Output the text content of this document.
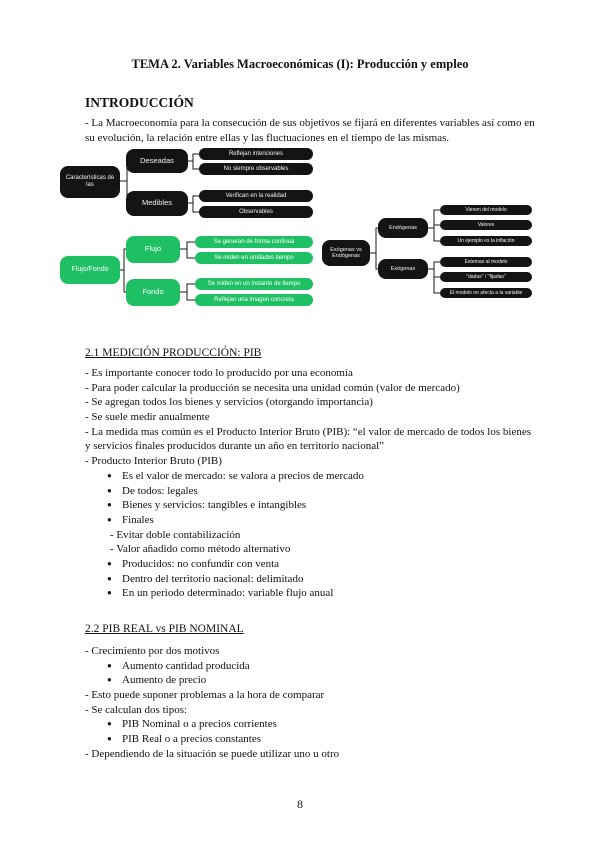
TEMA 2. Variables Macroeconómicas (I): Producción y empleo
INTRODUCCIÓN
- La Macroeconomía para la consecución de sus objetivos se fijará en diferentes variables así como en
su evolución, la relación entre ellas y las fluctuaciones en el tiempo de las mismas.
Características de
las
Deseadas
Reflejan intenciones
No siempre observables
Medibles
Verifican en la realidad
Observables
Flujo/Fondo
Flujo
Se generan de forma continua
Se miden en unidades tiempo
Fondo
Se miden en un instante de tiempo
Reflejan una imagen concreta
Exógenas vs
Endógenas
Endógenas
Vienen del modelo
Valores
Un ejemplo es la inflación
Exógenas
Externas al modelo
"dadas" / "fijadas"
El modelo no afecta a la variable
2.1 MEDICIÓN PRODUCCIÓN: PIB
- Es importante conocer todo lo producido por una economía
- Para poder calcular la producción se necesita una unidad común (valor de mercado)
- Se agregan todos los bienes y servicios (otorgando importancia)
- Se suele medir anualmente
- La medida mas común es el Producto Interior Bruto (PIB): “el valor de mercado de todos los bienes
y servicios finales producidos durante un año en territorio nacional”
- Producto Interior Bruto (PIB)
● Es el valor de mercado: se valora a precios de mercado
● De todos: legales
● Bienes y servicios: tangibles e intangibles
● Finales
- Evitar doble contabilización
- Valor añadido como método alternativo
● Producidos: no confundir con venta
● Dentro del territorio nacional: delimitado
● En un periodo determinado: variable flujo anual
2.2 PIB REAL vs PIB NOMINAL
- Crecimiento por dos motivos
● Aumento cantidad producida
● Aumento de precio
- Esto puede suponer problemas a la hora de comparar
- Se calculan dos tipos:
● PIB Nominal o a precios corrientes
● PIB Real o a precios constantes
- Dependiendo de la situación se puede utilizar uno u otro
8
